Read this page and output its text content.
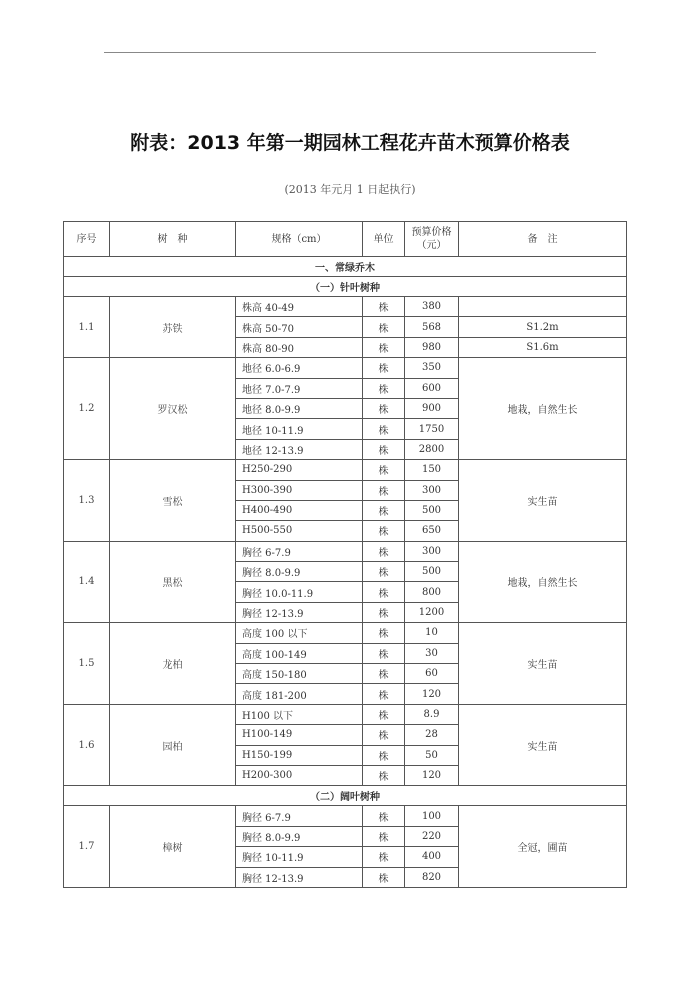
附表：2013 年第一期园林工程花卉苗木预算价格表
(2013 年元月 1 日起执行)
序号	树　种	规格（cm）	单位	预算价格（元）	备　注
一、常绿乔木					
（一）针叶树种					
1.1	苏铁	株高 40-49	株	380	
		株高 50-70	株	568	S1.2m
		株高 80-90	株	980	S1.6m
1.2	罗汉松	地径 6.0-6.9	株	350	地栽，自然生长
		地径 7.0-7.9	株	600	
		地径 8.0-9.9	株	900	
		地径 10-11.9	株	1750	
		地径 12-13.9	株	2800	
1.3	雪松	H250-290	株	150	实生苗
		H300-390	株	300	
		H400-490	株	500	
		H500-550	株	650	
1.4	黑松	胸径 6-7.9	株	300	地栽，自然生长
		胸径 8.0-9.9	株	500	
		胸径 10.0-11.9	株	800	
		胸径 12-13.9	株	1200	
1.5	龙柏	高度 100 以下	株	10	实生苗
		高度 100-149	株	30	
		高度 150-180	株	60	
		高度 181-200	株	120	
1.6	园柏	H100 以下	株	8.9	实生苗
		H100-149	株	28	
		H150-199	株	50	
		H200-300	株	120	
（二）阔叶树种					
1.7	樟树	胸径 6-7.9	株	100	全冠，圃苗
		胸径 8.0-9.9	株	220	
		胸径 10-11.9	株	400	
		胸径 12-13.9	株	820	
